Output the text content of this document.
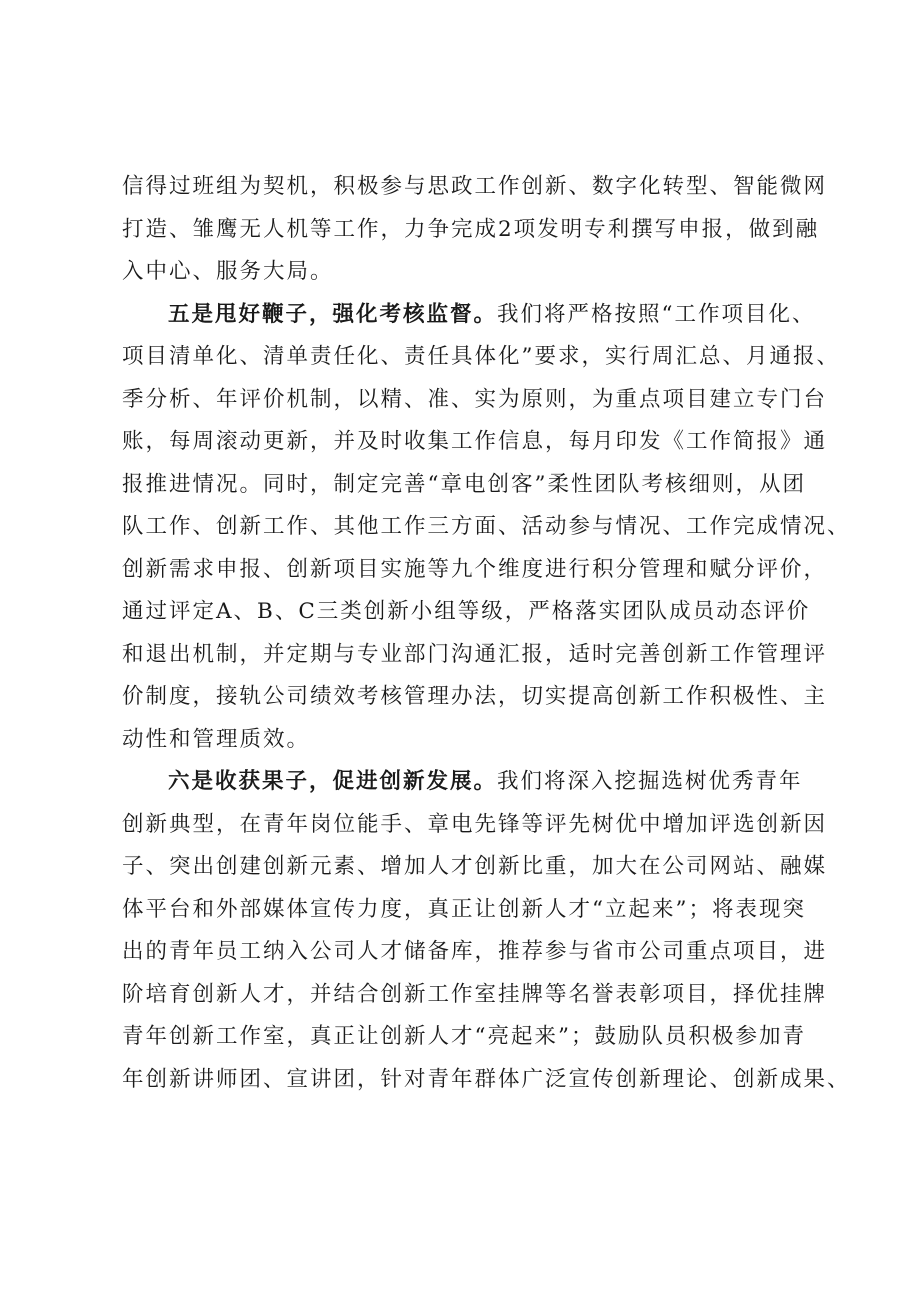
信得过班组为契机，积极参与思政工作创新、数字化转型、智能微网
打造、雏鹰无人机等工作，力争完成2项发明专利撰写申报，做到融
入中心、服务大局。
五是甩好鞭子，强化考核监督。我们将严格按照“工作项目化、
项目清单化、清单责任化、责任具体化”要求，实行周汇总、月通报、
季分析、年评价机制，以精、准、实为原则，为重点项目建立专门台
账，每周滚动更新，并及时收集工作信息，每月印发《工作简报》通
报推进情况。同时，制定完善“章电创客”柔性团队考核细则，从团
队工作、创新工作、其他工作三方面、活动参与情况、工作完成情况、
创新需求申报、创新项目实施等九个维度进行积分管理和赋分评价，
通过评定A、B、C三类创新小组等级，严格落实团队成员动态评价
和退出机制，并定期与专业部门沟通汇报，适时完善创新工作管理评
价制度，接轨公司绩效考核管理办法，切实提高创新工作积极性、主
动性和管理质效。
六是收获果子，促进创新发展。我们将深入挖掘选树优秀青年
创新典型，在青年岗位能手、章电先锋等评先树优中增加评选创新因
子、突出创建创新元素、增加人才创新比重，加大在公司网站、融媒
体平台和外部媒体宣传力度，真正让创新人才“立起来”；将表现突
出的青年员工纳入公司人才储备库，推荐参与省市公司重点项目，进
阶培育创新人才，并结合创新工作室挂牌等名誉表彰项目，择优挂牌
青年创新工作室，真正让创新人才“亮起来”；鼓励队员积极参加青
年创新讲师团、宣讲团，针对青年群体广泛宣传创新理论、创新成果、
